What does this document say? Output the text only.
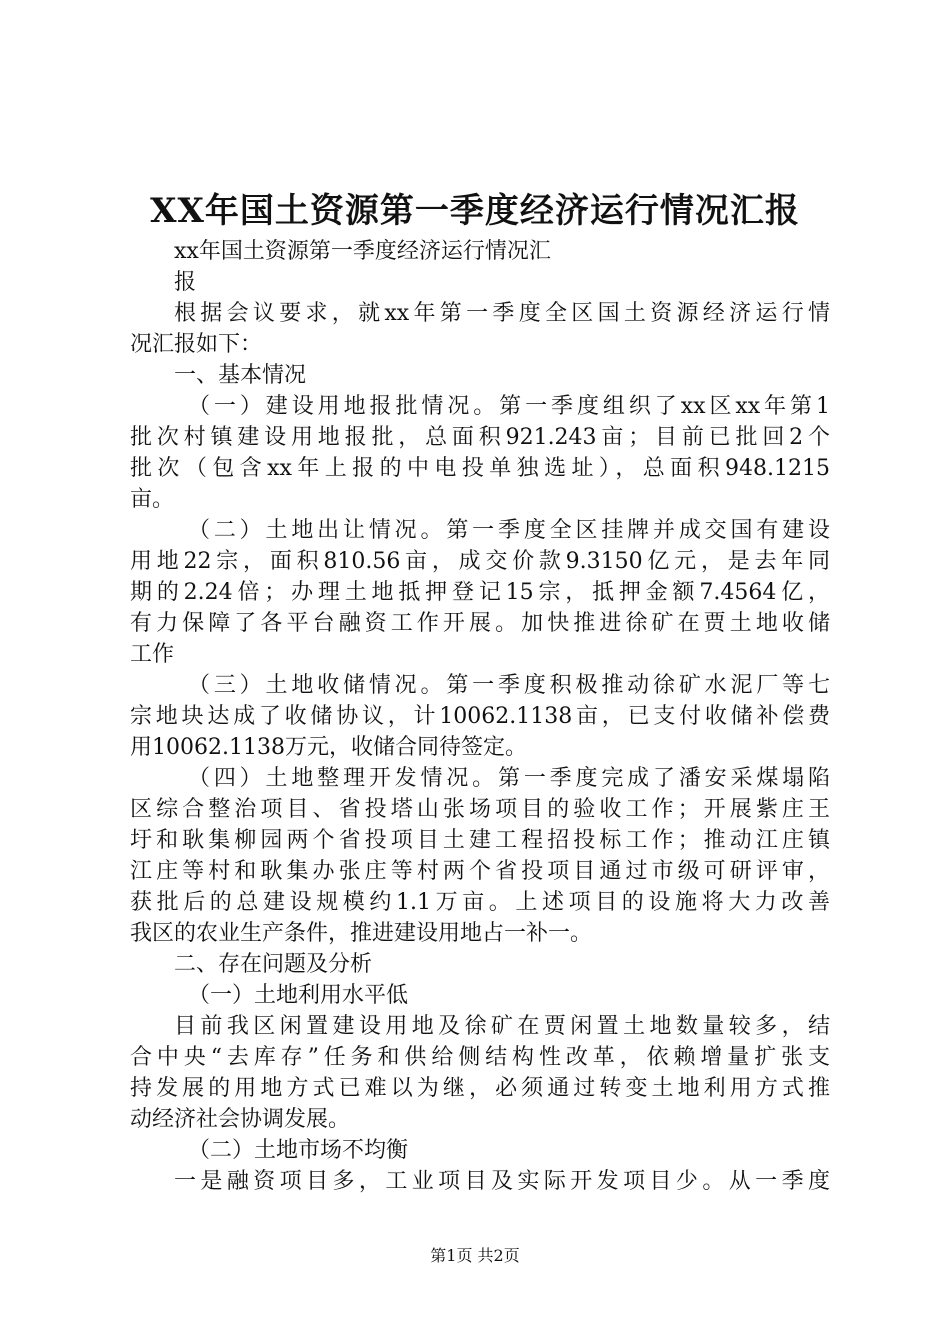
XX年国土资源第一季度经济运行情况汇报
xx年国土资源第一季度经济运行情况汇
报
根据会议要求，就xx年第一季度全区国土资源经济运行情
况汇报如下：
一、基本情况
（一）建设用地报批情况。第一季度组织了xx区xx年第1
批次村镇建设用地报批，总面积921.243亩；目前已批回2个
批次（包含xx年上报的中电投单独选址），总面积948.1215
亩。
（二）土地出让情况。第一季度全区挂牌并成交国有建设
用地22宗，面积810.56亩，成交价款9.3150亿元，是去年同
期的2.24倍；办理土地抵押登记15宗，抵押金额7.4564亿，
有力保障了各平台融资工作开展。加快推进徐矿在贾土地收储
工作
（三）土地收储情况。第一季度积极推动徐矿水泥厂等七
宗地块达成了收储协议，计10062.1138亩，已支付收储补偿费
用10062.1138万元，收储合同待签定。
（四）土地整理开发情况。第一季度完成了潘安采煤塌陷
区综合整治项目、省投塔山张场项目的验收工作；开展紫庄王
圩和耿集柳园两个省投项目土建工程招投标工作；推动江庄镇
江庄等村和耿集办张庄等村两个省投项目通过市级可研评审，
获批后的总建设规模约1.1万亩。上述项目的设施将大力改善
我区的农业生产条件，推进建设用地占一补一。
二、存在问题及分析
（一）土地利用水平低
目前我区闲置建设用地及徐矿在贾闲置土地数量较多，结
合中央“去库存”任务和供给侧结构性改革，依赖增量扩张支
持发展的用地方式已难以为继，必须通过转变土地利用方式推
动经济社会协调发展。
（二）土地市场不均衡
一是融资项目多，工业项目及实际开发项目少。从一季度
第1页 共2页
